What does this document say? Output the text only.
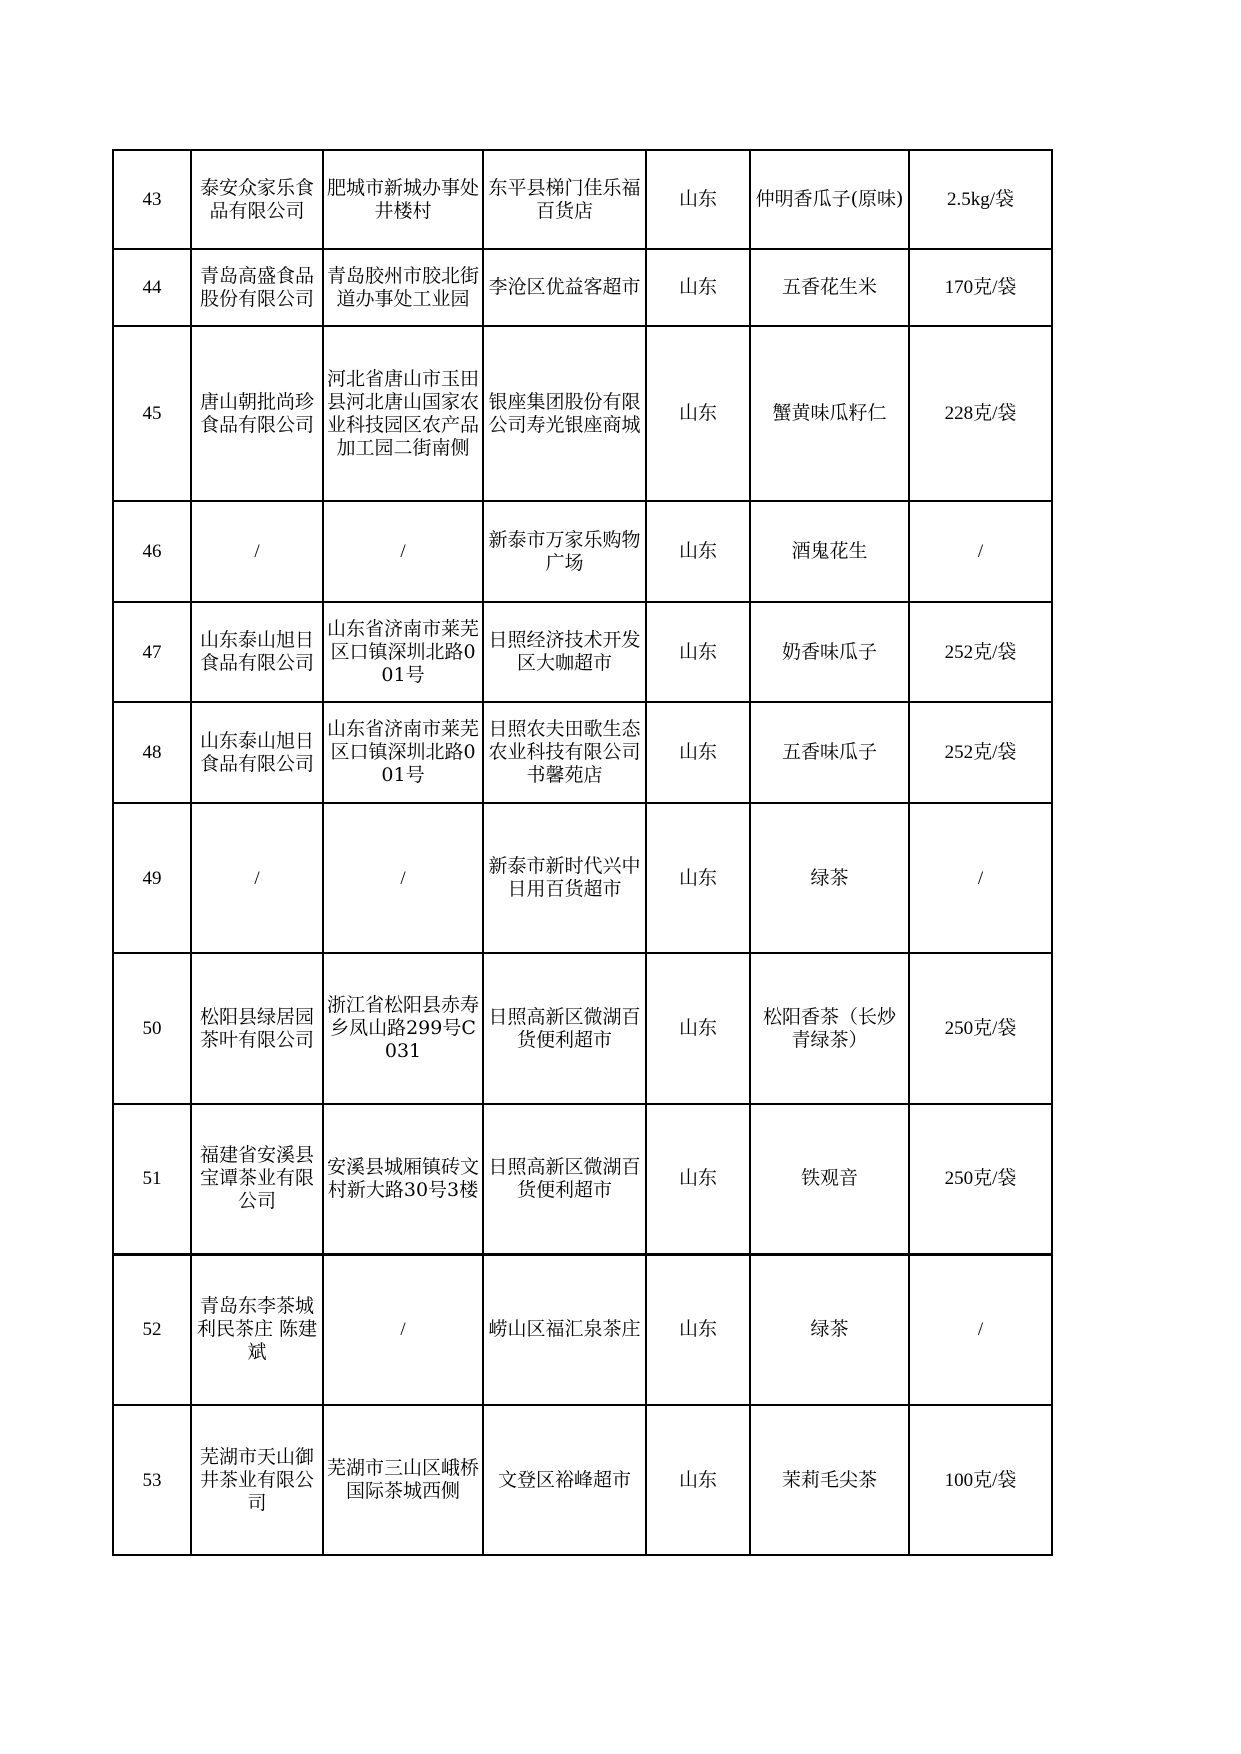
43	泰安众家乐食品有限公司	肥城市新城办事处井楼村	东平县梯门佳乐福百货店	山东	仲明香瓜子(原味)	2.5kg/袋
44	青岛高盛食品股份有限公司	青岛胶州市胶北街道办事处工业园	李沧区优益客超市	山东	五香花生米	170克/袋
45	唐山朝批尚珍食品有限公司	河北省唐山市玉田县河北唐山国家农业科技园区农产品加工园二街南侧	银座集团股份有限公司寿光银座商城	山东	蟹黄味瓜籽仁	228克/袋
46	/	/	新泰市万家乐购物广场	山东	酒鬼花生	/
47	山东泰山旭日食品有限公司	山东省济南市莱芜区口镇深圳北路001号	日照经济技术开发区大咖超市	山东	奶香味瓜子	252克/袋
48	山东泰山旭日食品有限公司	山东省济南市莱芜区口镇深圳北路001号	日照农夫田歌生态农业科技有限公司书馨苑店	山东	五香味瓜子	252克/袋
49	/	/	新泰市新时代兴中日用百货超市	山东	绿茶	/
50	松阳县绿居园茶叶有限公司	浙江省松阳县赤寿乡凤山路299号C031	日照高新区微湖百货便利超市	山东	松阳香茶（长炒青绿茶）	250克/袋
51	福建省安溪县宝谭茶业有限公司	安溪县城厢镇砖文村新大路30号3楼	日照高新区微湖百货便利超市	山东	铁观音	250克/袋
52	青岛东李茶城利民茶庄 陈建斌	/	崂山区福汇泉茶庄	山东	绿茶	/
53	芜湖市天山御井茶业有限公司	芜湖市三山区峨桥国际茶城西侧	文登区裕峰超市	山东	茉莉毛尖茶	100克/袋
